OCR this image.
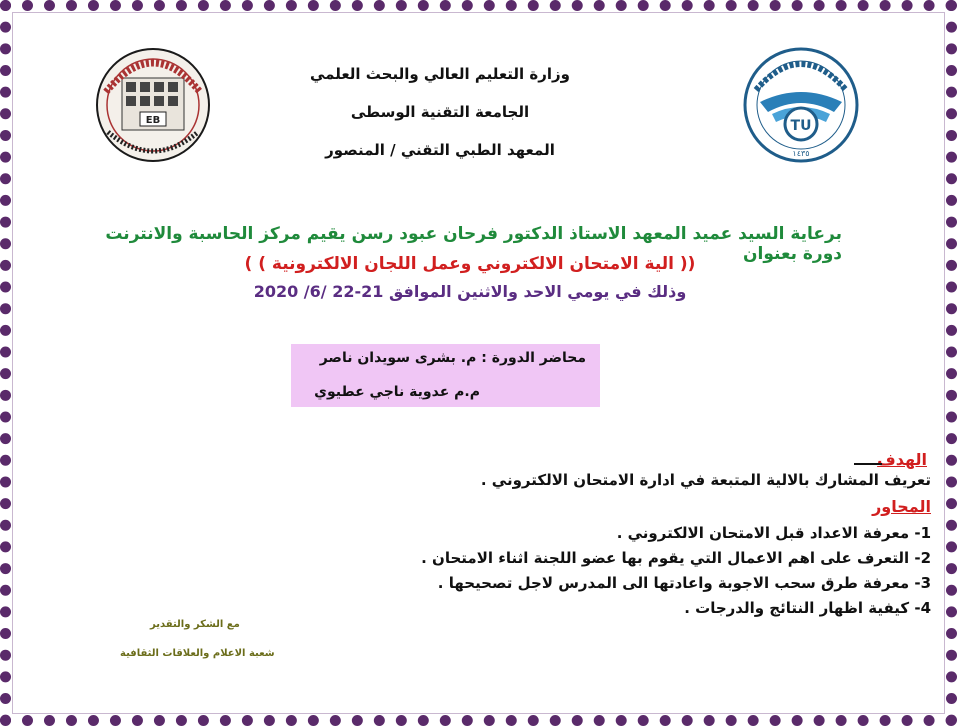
EB	TU
١٤٣٥
وزارة التعليم العالي والبحث العلمي
الجامعة التقنية الوسطى
المعهد الطبي التقني / المنصور
برعاية السيد عميد المعهد الاستاذ الدكتور فرحان عبود رسن يقيم مركز الحاسبة والانترنت دورة بعنوان
(( الية الامتحان الالكتروني وعمل اللجان الالكترونية ) )
وذلك في يومي الاحد والاثنين الموافق 21-22 /6/ 2020
محاضر الدورة : م. بشرى سويدان ناصر
م.م عدوية ناجي عطيوي
الهدف
تعريف المشارك بالالية المتبعة في ادارة الامتحان الالكتروني .
المحاور
1- معرفة الاعداد قبل الامتحان الالكتروني .
2- التعرف على اهم الاعمال التي يقوم بها عضو اللجنة اثناء الامتحان .
3- معرفة طرق سحب الاجوبة واعادتها الى المدرس لاجل تصحيحها .
4- كيفية اظهار النتائج والدرجات .
مع الشكر والتقدير
شعبة الاعلام والعلاقات الثقافية
